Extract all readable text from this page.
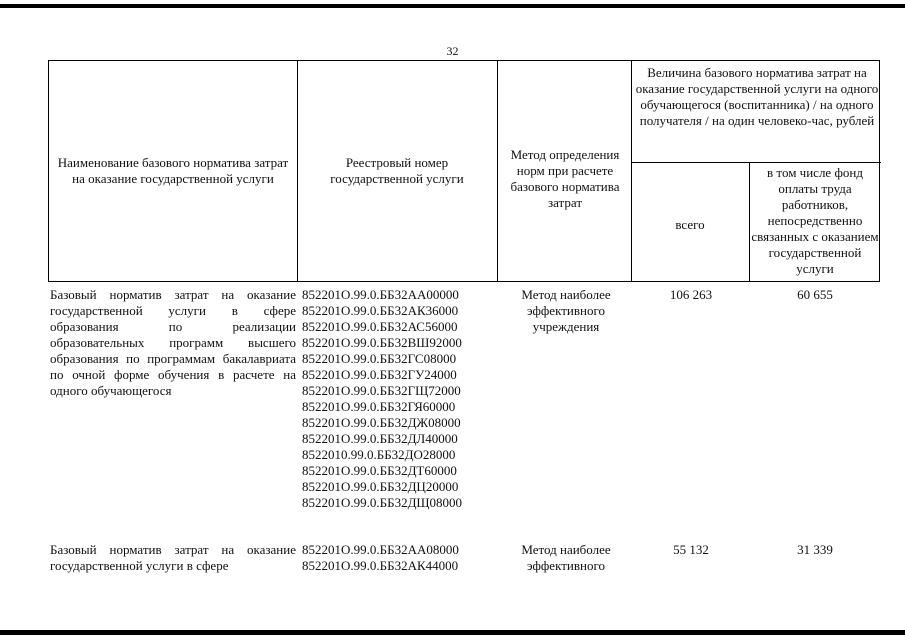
32
Наименование базового норматива затрат на оказание государственной услуги
Реестровый номер государственной услуги
Метод определения норм при расчете базового норматива затрат
Величина базового норматива затрат на оказание государственной услуги на одного обучающегося (воспитанника) / на одного получателя / на один человеко-час, рублей
всего
в том числе фонд оплаты труда работников, непосредственно связанных с оказанием государственной услуги
Базовый норматив затрат на оказание государственной услуги в сфере образования по реализации образовательных программ высшего образования по программам бакалавриата по очной форме обучения в расчете на одного обучающегося
852201О.99.0.ББ32АА00000
852201О.99.0.ББ32АК36000
852201О.99.0.ББ32АС56000
852201О.99.0.ББ32ВШ92000
852201О.99.0.ББ32ГС08000
852201О.99.0.ББ32ГУ24000
852201О.99.0.ББ32ГЩ72000
852201О.99.0.ББ32ГЯ60000
852201О.99.0.ББ32ДЖ08000
852201О.99.0.ББ32ДЛ40000
8522010.99.0.ББ32ДО28000
852201О.99.0.ББ32ДТ60000
852201О.99.0.ББ32ДЦ20000
852201О.99.0.ББ32ДЩ08000
Метод наиболее эффективного учреждения
106 263	60 655
Базовый норматив затрат на оказание государственной услуги в сфере
852201О.99.0.ББ32АА08000
852201О.99.0.ББ32АК44000
Метод наиболее эффективного
55 132	31 339
